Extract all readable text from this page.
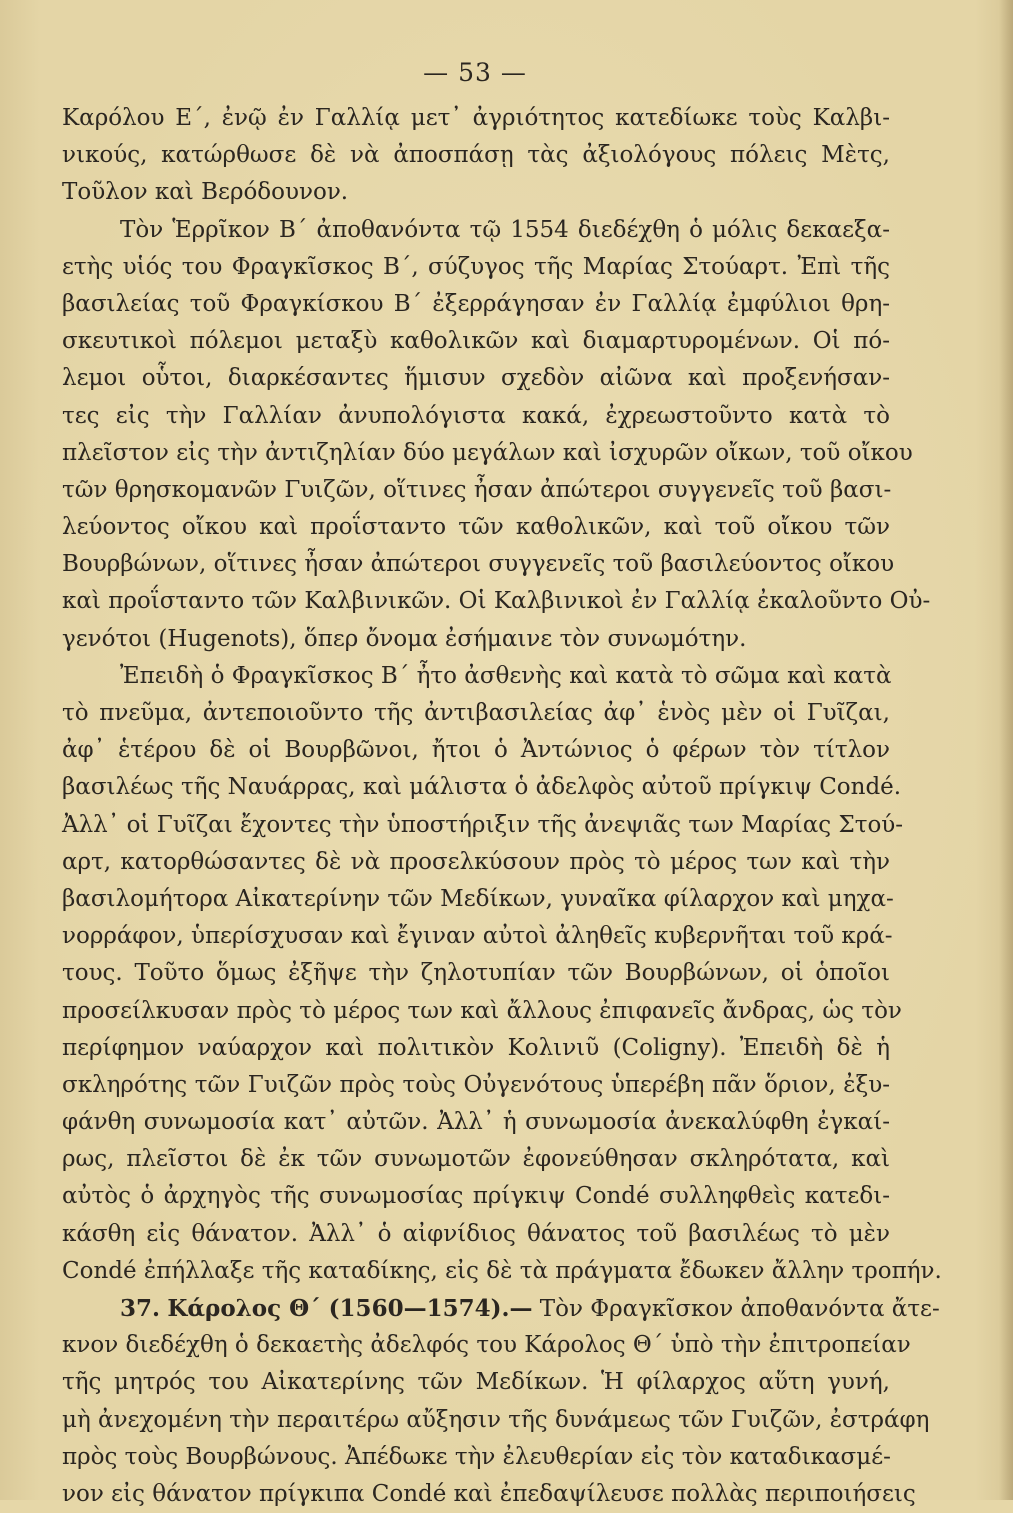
— 53 —
Καρόλου Ε΄, ἐνῷ ἐν Γαλλίᾳ μετ᾿ ἀγριότητος κατεδίωκε τοὺς Καλβι-
νικούς, κατώρθωσε δὲ νὰ ἀποσπάσῃ τὰς ἀξιολόγους πόλεις Μὲτς,
Τοῦλον καὶ Βερόδουνον.
Τὸν Ἑρρῖκον Β΄ ἀποθανόντα τῷ 1554 διεδέχθη ὁ μόλις δεκαεξα-
ετὴς υἱός του Φραγκῖσκος Β΄, σύζυγος τῆς Μαρίας Στούαρτ. Ἐπὶ τῆς
βασιλείας τοῦ Φραγκίσκου Β΄ ἐξερράγησαν ἐν Γαλλίᾳ ἐμφύλιοι θρη-
σκευτικοὶ πόλεμοι μεταξὺ καθολικῶν καὶ διαμαρτυρομένων. Οἱ πό-
λεμοι οὗτοι, διαρκέσαντες ἥμισυν σχεδὸν αἰῶνα καὶ προξενήσαν-
τες εἰς τὴν Γαλλίαν ἀνυπολόγιστα κακά, ἐχρεωστοῦντο κατὰ τὸ
πλεῖστον εἰς τὴν ἀντιζηλίαν δύο μεγάλων καὶ ἰσχυρῶν οἴκων, τοῦ οἴκου
τῶν θρησκομανῶν Γυιζῶν, οἵτινες ἦσαν ἀπώτεροι συγγενεῖς τοῦ βασι-
λεύοντος οἴκου καὶ προΐσταντο τῶν καθολικῶν, καὶ τοῦ οἴκου τῶν
Βουρβώνων, οἵτινες ἦσαν ἀπώτεροι συγγενεῖς τοῦ βασιλεύοντος οἴκου
καὶ προΐσταντο τῶν Καλβινικῶν. Οἱ Καλβινικοὶ ἐν Γαλλίᾳ ἐκαλοῦντο Οὐ-
γενότοι (Hugenots), ὅπερ ὄνομα ἐσήμαινε τὸν συνωμότην.
Ἐπειδὴ ὁ Φραγκῖσκος Β΄ ἦτο ἀσθενὴς καὶ κατὰ τὸ σῶμα καὶ κατὰ
τὸ πνεῦμα, ἀντεποιοῦντο τῆς ἀντιβασιλείας ἀφ᾿ ἑνὸς μὲν οἱ Γυῖζαι,
ἀφ᾿ ἑτέρου δὲ οἱ Βουρβῶνοι, ἤτοι ὁ Ἀντώνιος ὁ φέρων τὸν τίτλον
βασιλέως τῆς Ναυάρρας, καὶ μάλιστα ὁ ἀδελφὸς αὐτοῦ πρίγκιψ Condé.
Ἀλλ᾿ οἱ Γυῖζαι ἔχοντες τὴν ὑποστήριξιν τῆς ἀνεψιᾶς των Μαρίας Στού-
αρτ, κατορθώσαντες δὲ νὰ προσελκύσουν πρὸς τὸ μέρος των καὶ τὴν
βασιλομήτορα Αἰκατερίνην τῶν Μεδίκων, γυναῖκα φίλαρχον καὶ μηχα-
νορράφον, ὑπερίσχυσαν καὶ ἔγιναν αὐτοὶ ἀληθεῖς κυβερνῆται τοῦ κρά-
τους. Τοῦτο ὅμως ἐξῆψε τὴν ζηλοτυπίαν τῶν Βουρβώνων, οἱ ὁποῖοι
προσείλκυσαν πρὸς τὸ μέρος των καὶ ἄλλους ἐπιφανεῖς ἄνδρας, ὡς τὸν
περίφημον ναύαρχον καὶ πολιτικὸν Κολινιῦ (Coligny). Ἐπειδὴ δὲ ἡ
σκληρότης τῶν Γυιζῶν πρὸς τοὺς Οὐγενότους ὑπερέβη πᾶν ὅριον, ἐξυ-
φάνθη συνωμοσία κατ᾿ αὐτῶν. Ἀλλ᾿ ἡ συνωμοσία ἀνεκαλύφθη ἐγκαί-
ρως, πλεῖστοι δὲ ἐκ τῶν συνωμοτῶν ἐφονεύθησαν σκληρότατα, καὶ
αὐτὸς ὁ ἀρχηγὸς τῆς συνωμοσίας πρίγκιψ Condé συλληφθεὶς κατεδι-
κάσθη εἰς θάνατον. Ἀλλ᾿ ὁ αἰφνίδιος θάνατος τοῦ βασιλέως τὸ μὲν
Condé ἐπήλλαξε τῆς καταδίκης, εἰς δὲ τὰ πράγματα ἔδωκεν ἄλλην τροπήν.
37. Κάρολος Θ΄ (1560—1574).— Τὸν Φραγκῖσκον ἀποθανόντα ἄτε-
κνον διεδέχθη ὁ δεκαετὴς ἀδελφός του Κάρολος Θ΄ ὑπὸ τὴν ἐπιτροπείαν
τῆς μητρός του Αἰκατερίνης τῶν Μεδίκων. Ἡ φίλαρχος αὕτη γυνή,
μὴ ἀνεχομένη τὴν περαιτέρω αὔξησιν τῆς δυνάμεως τῶν Γυιζῶν, ἐστράφη
πρὸς τοὺς Βουρβώνους. Ἀπέδωκε τὴν ἐλευθερίαν εἰς τὸν καταδικασμέ-
νον εἰς θάνατον πρίγκιπα Condé καὶ ἐπεδαψίλευσε πολλὰς περιποιήσεις
